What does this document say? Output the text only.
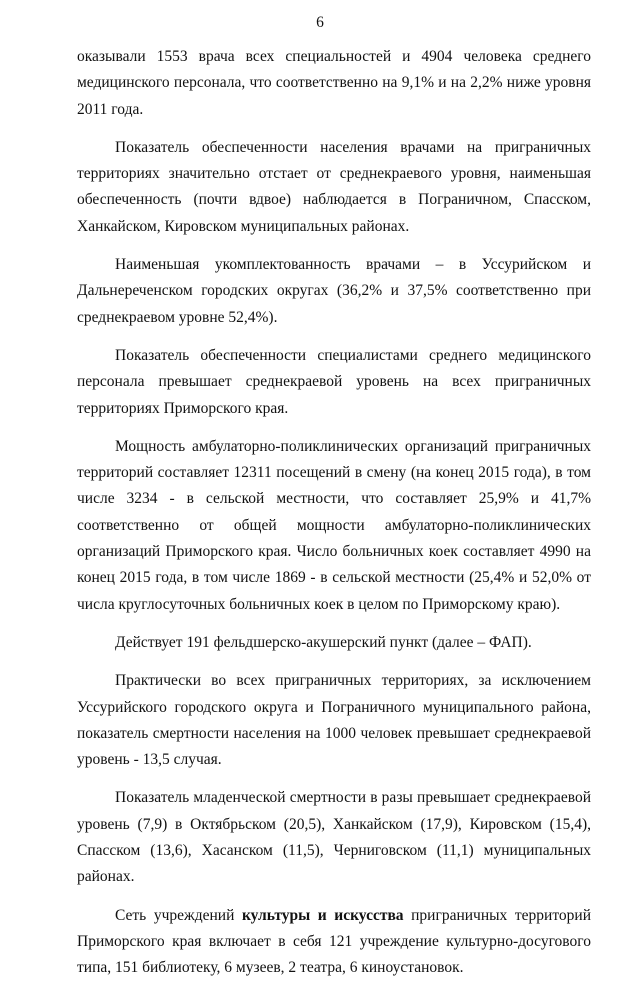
6

оказывали 1553 врача всех специальностей и 4904 человека среднего медицинского персонала, что соответственно на 9,1% и на 2,2% ниже уровня 2011 года.

Показатель обеспеченности населения врачами на приграничных территориях значительно отстает от среднекраевого уровня, наименьшая обеспеченность (почти вдвое) наблюдается в Пограничном, Спасском, Ханкайском, Кировском муниципальных районах.

Наименьшая укомплектованность врачами – в Уссурийском и Дальнереченском городских округах (36,2% и 37,5% соответственно при среднекраевом уровне 52,4%).

Показатель обеспеченности специалистами среднего медицинского персонала превышает среднекраевой уровень на всех приграничных территориях Приморского края.

Мощность амбулаторно-поликлинических организаций приграничных территорий составляет 12311 посещений в смену (на конец 2015 года), в том числе 3234 - в сельской местности, что составляет 25,9% и 41,7% соответственно от общей мощности амбулаторно-поликлинических организаций Приморского края. Число больничных коек составляет 4990 на конец 2015 года, в том числе 1869 - в сельской местности (25,4% и 52,0% от числа круглосуточных больничных коек в целом по Приморскому краю).

Действует 191 фельдшерско-акушерский пункт (далее – ФАП).

Практически во всех приграничных территориях, за исключением Уссурийского городского округа и Пограничного муниципального района, показатель смертности населения на 1000 человек превышает среднекраевой уровень - 13,5 случая.

Показатель младенческой смертности в разы превышает среднекраевой уровень (7,9) в Октябрьском (20,5), Ханкайском (17,9), Кировском (15,4), Спасском (13,6), Хасанском (11,5), Черниговском (11,1) муниципальных районах.

Сеть учреждений культуры и искусства приграничных территорий Приморского края включает в себя 121 учреждение культурно-досугового типа, 151 библиотеку, 6 музеев, 2 театра, 6 киноустановок.
